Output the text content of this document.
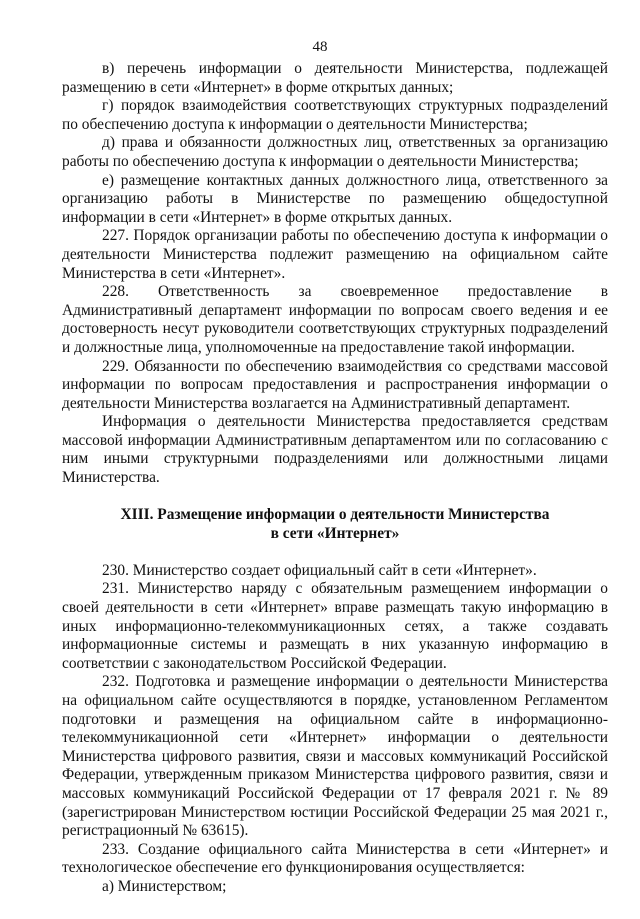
48

в) перечень информации о деятельности Министерства, подлежащей размещению в сети «Интернет» в форме открытых данных;

г) порядок взаимодействия соответствующих структурных подразделений по обеспечению доступа к информации о деятельности Министерства;

д) права и обязанности должностных лиц, ответственных за организацию работы по обеспечению доступа к информации о деятельности Министерства;

е) размещение контактных данных должностного лица, ответственного за организацию работы в Министерстве по размещению общедоступной информации в сети «Интернет» в форме открытых данных.

227. Порядок организации работы по обеспечению доступа к информации о деятельности Министерства подлежит размещению на официальном сайте Министерства в сети «Интернет».

228. Ответственность за своевременное предоставление в Административный департамент информации по вопросам своего ведения и ее достоверность несут руководители соответствующих структурных подразделений и должностные лица, уполномоченные на предоставление такой информации.

229. Обязанности по обеспечению взаимодействия со средствами массовой информации по вопросам предоставления и распространения информации о деятельности Министерства возлагается на Административный департамент.

Информация о деятельности Министерства предоставляется средствам массовой информации Административным департаментом или по согласованию с ним иными структурными подразделениями или должностными лицами Министерства.

XIII. Размещение информации о деятельности Министерства
в сети «Интернет»

230. Министерство создает официальный сайт в сети «Интернет».

231. Министерство наряду с обязательным размещением информации о своей деятельности в сети «Интернет» вправе размещать такую информацию в иных информационно-телекоммуникационных сетях, а также создавать информационные системы и размещать в них указанную информацию в соответствии с законодательством Российской Федерации.

232. Подготовка и размещение информации о деятельности Министерства на официальном сайте осуществляются в порядке, установленном Регламентом подготовки и размещения на официальном сайте в информационно-телекоммуникационной сети «Интернет» информации о деятельности Министерства цифрового развития, связи и массовых коммуникаций Российской Федерации, утвержденным приказом Министерства цифрового развития, связи и массовых коммуникаций Российской Федерации от 17 февраля 2021 г. № 89 (зарегистрирован Министерством юстиции Российской Федерации 25 мая 2021 г., регистрационный № 63615).

233. Создание официального сайта Министерства в сети «Интернет» и технологическое обеспечение его функционирования осуществляется:

а) Министерством;
